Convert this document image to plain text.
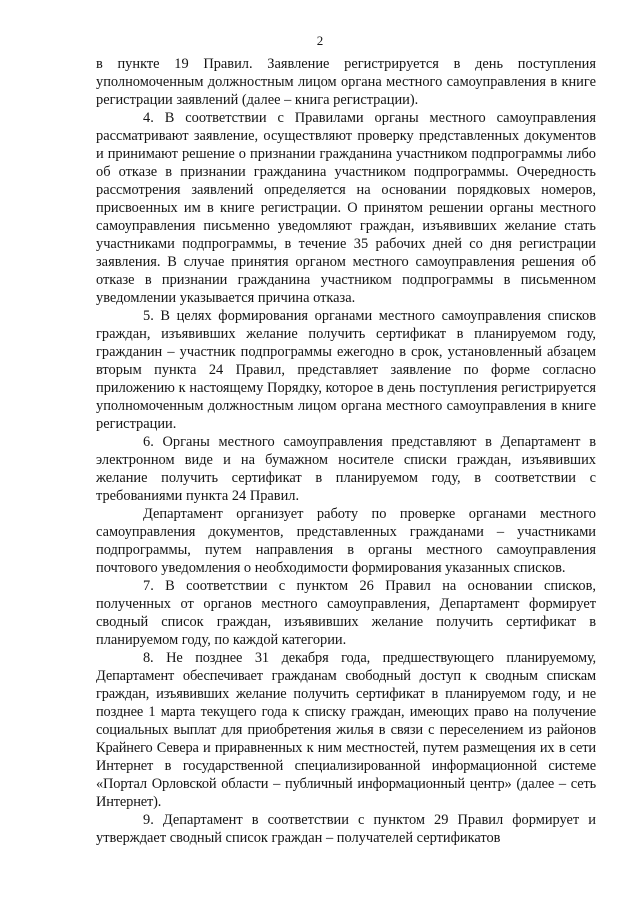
2

в пункте 19 Правил. Заявление регистрируется в день поступления уполномоченным должностным лицом органа местного самоуправления в книге регистрации заявлений (далее – книга регистрации).

4. В соответствии с Правилами органы местного самоуправления рассматривают заявление, осуществляют проверку представленных документов и принимают решение о признании гражданина участником подпрограммы либо об отказе в признании гражданина участником подпрограммы. Очередность рассмотрения заявлений определяется на основании порядковых номеров, присвоенных им в книге регистрации. О принятом решении органы местного самоуправления письменно уведомляют граждан, изъявивших желание стать участниками подпрограммы, в течение 35 рабочих дней со дня регистрации заявления. В случае принятия органом местного самоуправления решения об отказе в признании гражданина участником подпрограммы в письменном уведомлении указывается причина отказа.

5. В целях формирования органами местного самоуправления списков граждан, изъявивших желание получить сертификат в планируемом году, гражданин – участник подпрограммы ежегодно в срок, установленный абзацем вторым пункта 24 Правил, представляет заявление по форме согласно приложению к настоящему Порядку, которое в день поступления регистрируется уполномоченным должностным лицом органа местного самоуправления в книге регистрации.

6. Органы местного самоуправления представляют в Департамент в электронном виде и на бумажном носителе списки граждан, изъявивших желание получить сертификат в планируемом году, в соответствии с требованиями пункта 24 Правил.

Департамент организует работу по проверке органами местного самоуправления документов, представленных гражданами – участниками подпрограммы, путем направления в органы местного самоуправления почтового уведомления о необходимости формирования указанных списков.

7. В соответствии с пунктом 26 Правил на основании списков, полученных от органов местного самоуправления, Департамент формирует сводный список граждан, изъявивших желание получить сертификат в планируемом году, по каждой категории.

8. Не позднее 31 декабря года, предшествующего планируемому, Департамент обеспечивает гражданам свободный доступ к сводным спискам граждан, изъявивших желание получить сертификат в планируемом году, и не позднее 1 марта текущего года к списку граждан, имеющих право на получение социальных выплат для приобретения жилья в связи с переселением из районов Крайнего Севера и приравненных к ним местностей, путем размещения их в сети Интернет в государственной специализированной информационной системе «Портал Орловской области – публичный информационный центр» (далее – сеть Интернет).

9. Департамент в соответствии с пунктом 29 Правил формирует и утверждает сводный список граждан – получателей сертификатов
